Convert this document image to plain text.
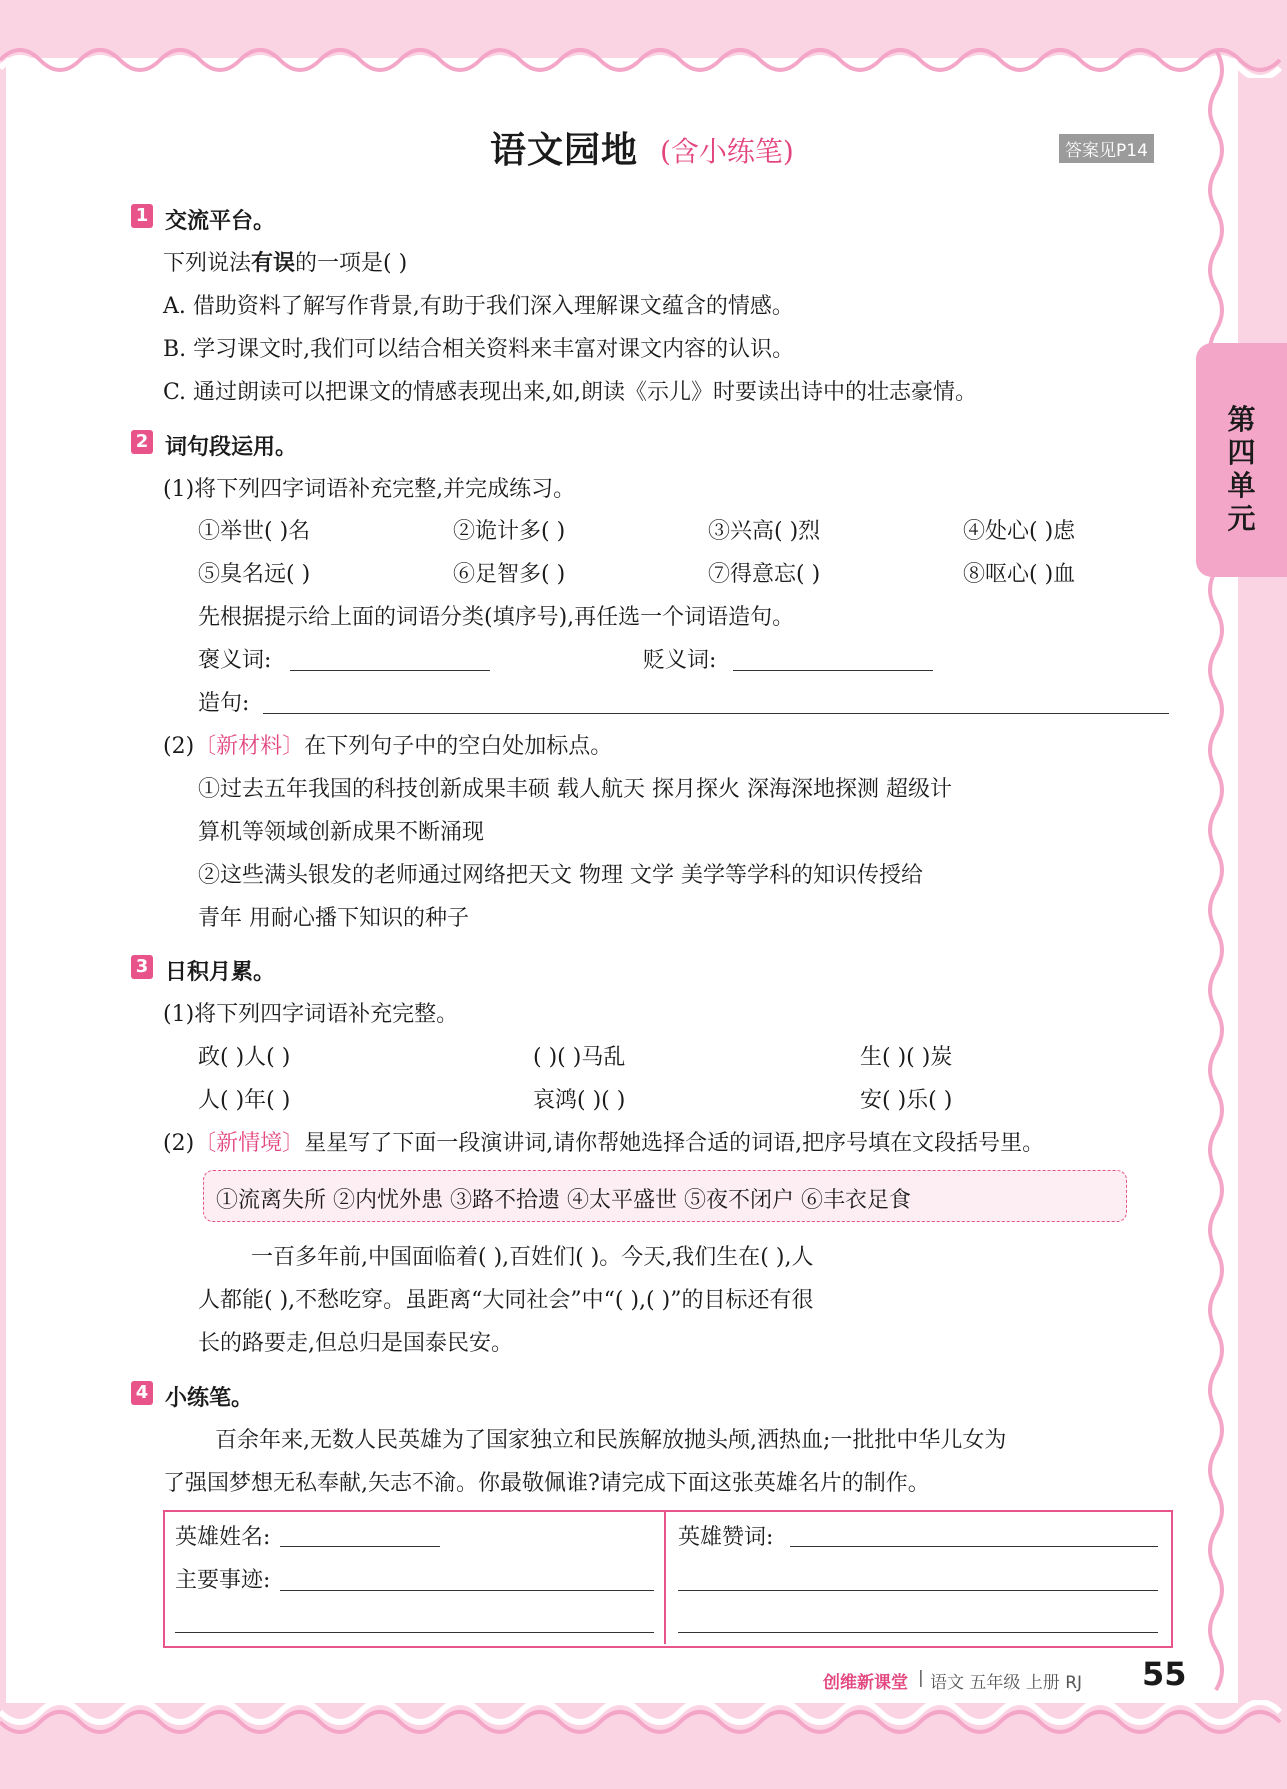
第四单元
语文园地 (含小练笔)	答案见P14
1 交流平台。
下列说法有误的一项是( )
A. 借助资料了解写作背景,有助于我们深入理解课文蕴含的情感。
B. 学习课文时,我们可以结合相关资料来丰富对课文内容的认识。
C. 通过朗读可以把课文的情感表现出来,如,朗读《示儿》时要读出诗中的壮志豪情。
2 词句段运用。
(1)将下列四字词语补充完整,并完成练习。
①举世( )名	②诡计多( )	③兴高( )烈	④处心( )虑
⑤臭名远( )	⑥足智多( )	⑦得意忘( )	⑧呕心( )血
先根据提示给上面的词语分类(填序号),再任选一个词语造句。
褒义词:	贬义词:
造句:
(2)〔新材料〕在下列句子中的空白处加标点。
①过去五年我国的科技创新成果丰硕 载人航天 探月探火 深海深地探测 超级计
算机等领域创新成果不断涌现
②这些满头银发的老师通过网络把天文 物理 文学 美学等学科的知识传授给
青年 用耐心播下知识的种子
3 日积月累。
(1)将下列四字词语补充完整。
政( )人( )	( )( )马乱	生( )( )炭
人( )年( )	哀鸿( )( )	安( )乐( )
(2)〔新情境〕星星写了下面一段演讲词,请你帮她选择合适的词语,把序号填在文段括号里。
①流离失所 ②内忧外患 ③路不拾遗 ④太平盛世 ⑤夜不闭户 ⑥丰衣足食
一百多年前,中国面临着( ),百姓们( )。今天,我们生在( ),人
人都能( ),不愁吃穿。虽距离“大同社会”中“( ),( )”的目标还有很
长的路要走,但总归是国泰民安。
4 小练笔。
百余年来,无数人民英雄为了国家独立和民族解放抛头颅,洒热血;一批批中华儿女为
了强国梦想无私奉献,矢志不渝。你最敬佩谁?请完成下面这张英雄名片的制作。
英雄姓名:
主要事迹:
英雄赞词:
创维新课堂 | 语文 五年级 上册 RJ 55
